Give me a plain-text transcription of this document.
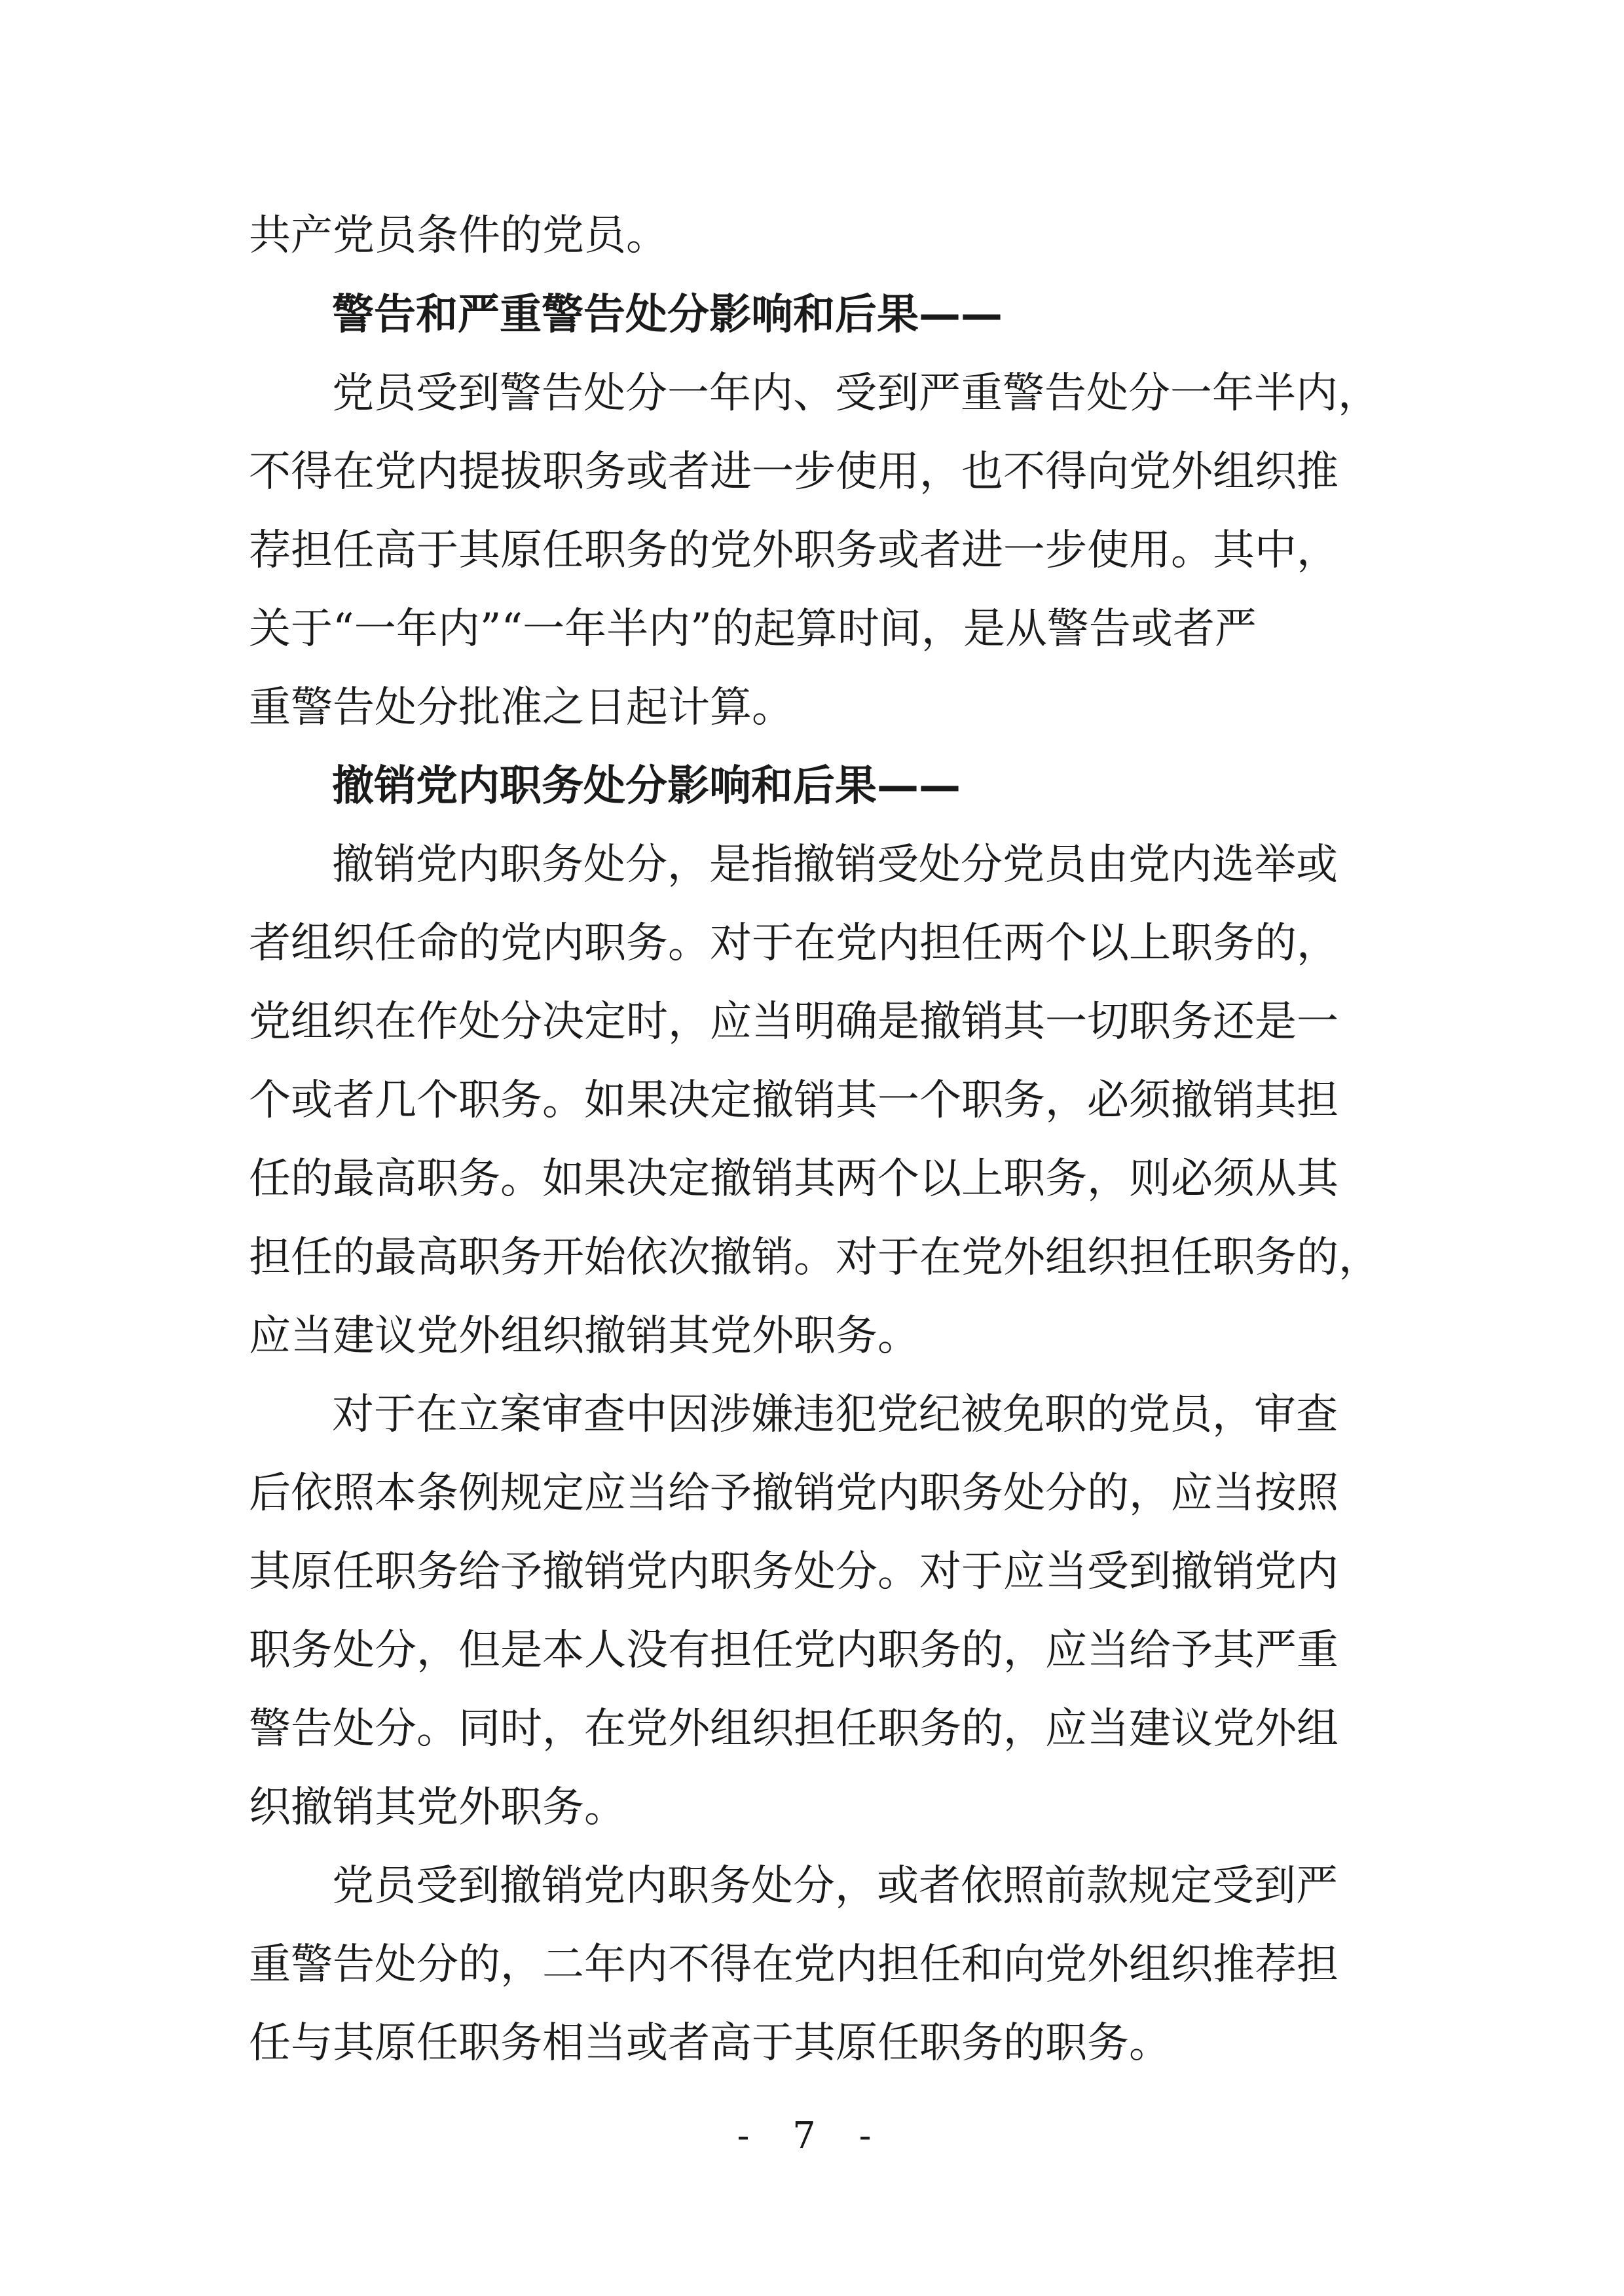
共产党员条件的党员。

警告和严重警告处分影响和后果——

党员受到警告处分一年内、受到严重警告处分一年半内，

不得在党内提拔职务或者进一步使用，也不得向党外组织推

荐担任高于其原任职务的党外职务或者进一步使用。其中，

关于“一年内”“一年半内”的起算时间，是从警告或者严

重警告处分批准之日起计算。

撤销党内职务处分影响和后果——

撤销党内职务处分，是指撤销受处分党员由党内选举或

者组织任命的党内职务。对于在党内担任两个以上职务的，

党组织在作处分决定时，应当明确是撤销其一切职务还是一

个或者几个职务。如果决定撤销其一个职务，必须撤销其担

任的最高职务。如果决定撤销其两个以上职务，则必须从其

担任的最高职务开始依次撤销。对于在党外组织担任职务的，

应当建议党外组织撤销其党外职务。

对于在立案审查中因涉嫌违犯党纪被免职的党员，审查

后依照本条例规定应当给予撤销党内职务处分的，应当按照

其原任职务给予撤销党内职务处分。对于应当受到撤销党内

职务处分，但是本人没有担任党内职务的，应当给予其严重

警告处分。同时，在党外组织担任职务的，应当建议党外组

织撤销其党外职务。

党员受到撤销党内职务处分，或者依照前款规定受到严

重警告处分的，二年内不得在党内担任和向党外组织推荐担

任与其原任职务相当或者高于其原任职务的职务。

- 7 -
